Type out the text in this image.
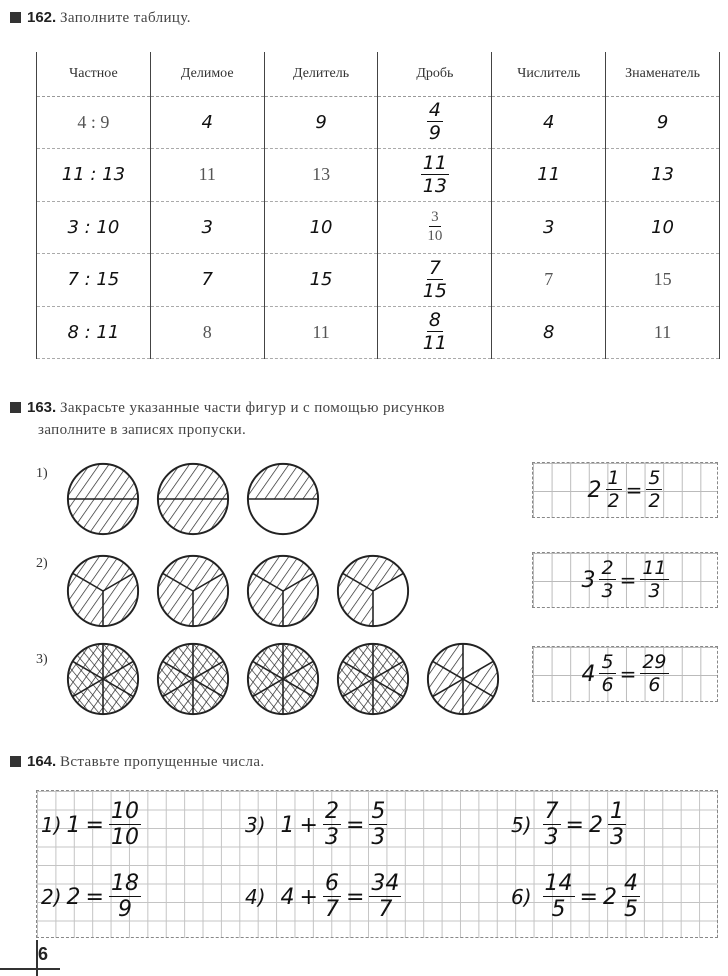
162. Заполните таблицу.
Частное	Делимое	Делитель	Дробь	Числитель	Знаменатель
4 : 9	4	9	$\frac{4}{9}$	4	9
11 : 13	11	13	$\frac{11}{13}$	11	13
3 : 10	3	10	$\frac{3}{10}$	3	10
7 : 15	7	15	$\frac{7}{15}$	7	15
8 : 11	8	11	$\frac{8}{11}$	8	11
163. Закрасьте указанные части фигур и с помощью рисунков
заполните в записях пропуски.
1)
$2 \frac{1}{2} = \frac{5}{2}$
2)
$3 \frac{2}{3} = \frac{11}{3}$
3)
$4 \frac{5}{6} = \frac{29}{6}$
164. Вставьте пропущенные числа.
1) $1 = \frac{10}{10}$
2) $2 = \frac{18}{9}$
3) $1 + \frac{2}{3} = \frac{5}{3}$
4) $4 + \frac{6}{7} = \frac{34}{7}$
$5) \frac{7}{3} = 2 \frac{1}{3}$
$6) \frac{14}{5} = 2 \frac{4}{5}$
6
